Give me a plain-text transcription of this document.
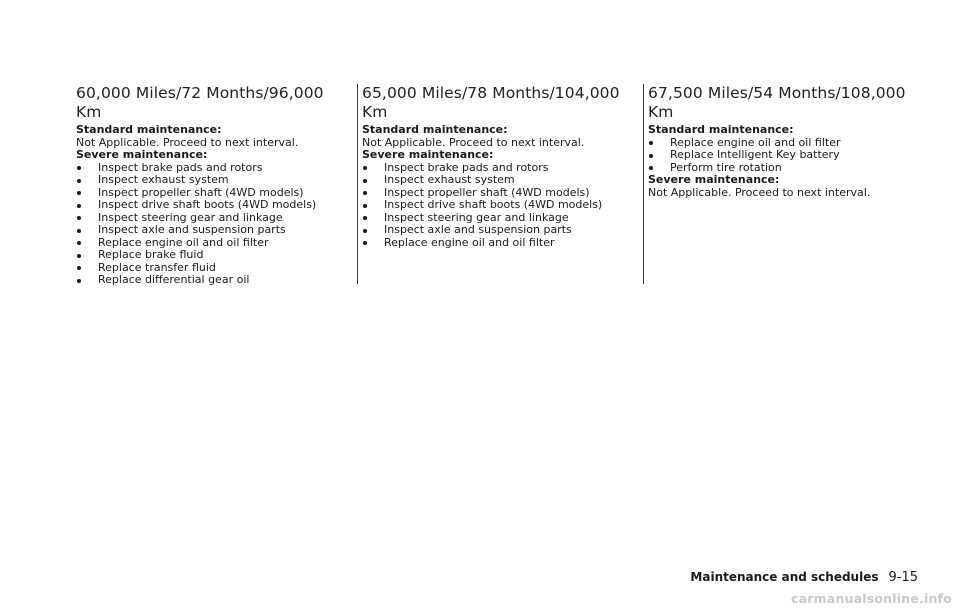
60,000 Miles/72 Months/96,000 Km

Standard maintenance:

Not Applicable. Proceed to next interval.

Severe maintenance:

Inspect brake pads and rotors
Inspect exhaust system
Inspect propeller shaft (4WD models)
Inspect drive shaft boots (4WD models)
Inspect steering gear and linkage
Inspect axle and suspension parts
Replace engine oil and oil filter
Replace brake fluid
Replace transfer fluid
Replace differential gear oil
65,000 Miles/78 Months/104,000 Km

Standard maintenance:

Not Applicable. Proceed to next interval.

Severe maintenance:

Inspect brake pads and rotors
Inspect exhaust system
Inspect propeller shaft (4WD models)
Inspect drive shaft boots (4WD models)
Inspect steering gear and linkage
Inspect axle and suspension parts
Replace engine oil and oil filter
67,500 Miles/54 Months/108,000 Km

Standard maintenance:

Replace engine oil and oil filter
Replace Intelligent Key battery
Perform tire rotation

Severe maintenance:

Not Applicable. Proceed to next interval.

Maintenance and schedules 9-15
carmanualsonline.info
